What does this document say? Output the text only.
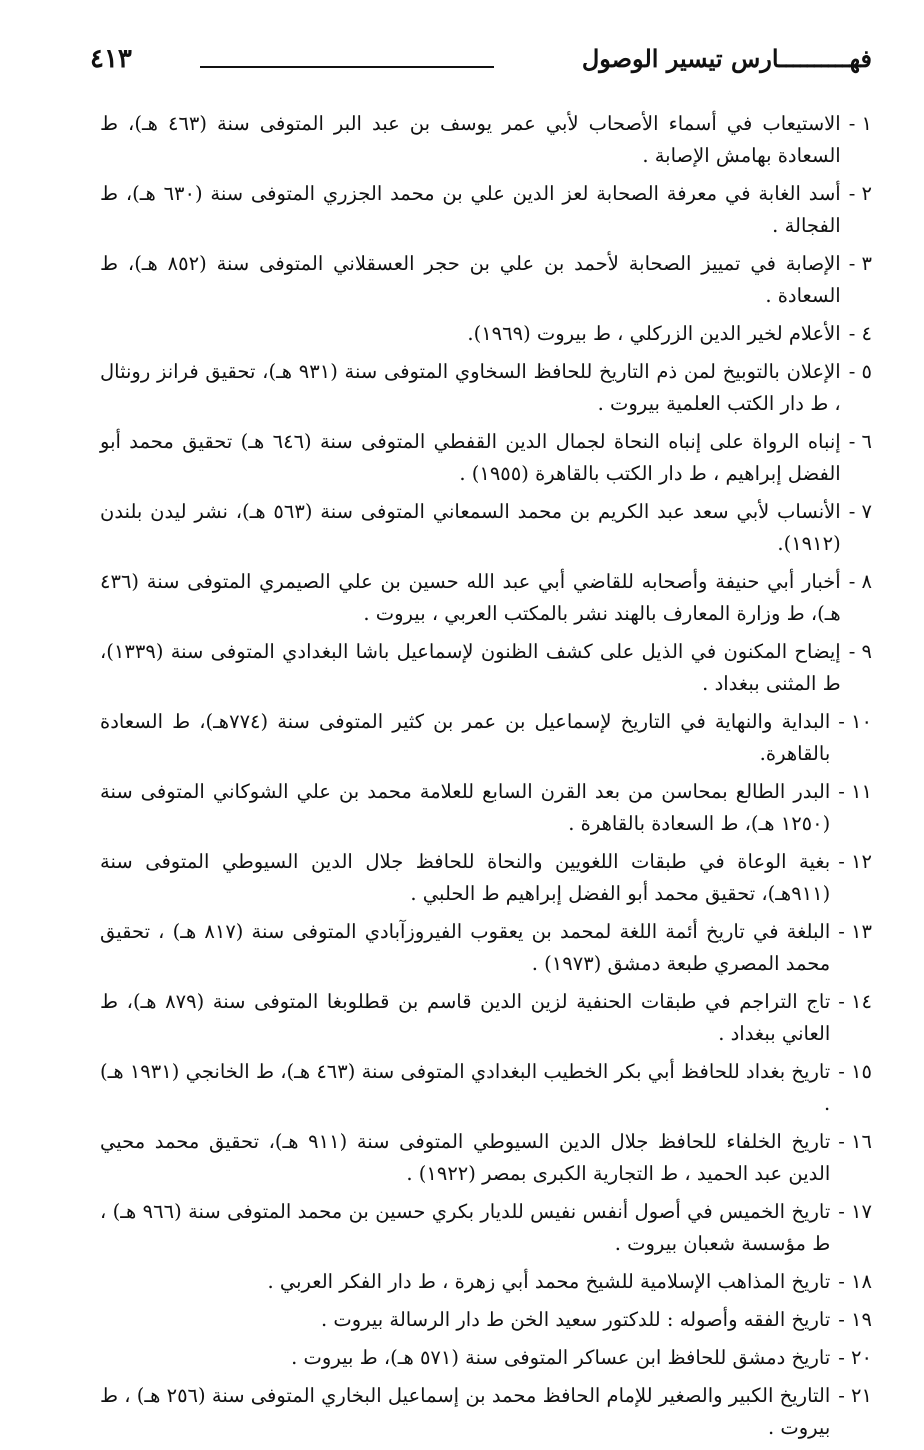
فهــــــــــارس تيسير الوصول
٤١٣
١ -
الاستيعاب في أسماء الأصحاب لأبي عمر يوسف بن عبد البر المتوفى سنة (٤٦٣ هـ)، ط السعادة بهامش الإصابة .
٢ -
أسد الغابة في معرفة الصحابة لعز الدين علي بن محمد الجزري المتوفى سنة (٦٣٠ هـ)، ط الفجالة .
٣ -
الإصابة في تمييز الصحابة لأحمد بن علي بن حجر العسقلاني المتوفى سنة (٨٥٢ هـ)، ط السعادة .
٤ -
الأعلام لخير الدين الزركلي ، ط بيروت (١٩٦٩).
٥ -
الإعلان بالتوبيخ لمن ذم التاريخ للحافظ السخاوي المتوفى سنة (٩٣١ هـ)، تحقيق فرانز رونثال ، ط دار الكتب العلمية بيروت .
٦ -
إنباه الرواة على إنباه النحاة لجمال الدين القفطي المتوفى سنة (٦٤٦ هـ) تحقيق محمد أبو الفضل إبراهيم ، ط دار الكتب بالقاهرة (١٩٥٥) .
٧ -
الأنساب لأبي سعد عبد الكريم بن محمد السمعاني المتوفى سنة (٥٦٣ هـ)، نشر ليدن بلندن (١٩١٢).
٨ -
أخبار أبي حنيفة وأصحابه للقاضي أبي عبد الله حسين بن علي الصيمري المتوفى سنة (٤٣٦ هـ)، ط وزارة المعارف بالهند نشر بالمكتب العربي ، بيروت .
٩ -
إيضاح المكنون في الذيل على كشف الظنون لإسماعيل باشا البغدادي المتوفى سنة (١٣٣٩)، ط المثنى ببغداد .
١٠ -
البداية والنهاية في التاريخ لإسماعيل بن عمر بن كثير المتوفى سنة (٧٧٤هـ)، ط السعادة بالقاهرة.
١١ -
البدر الطالع بمحاسن من بعد القرن السابع للعلامة محمد بن علي الشوكاني المتوفى سنة (١٢٥٠ هـ)، ط السعادة بالقاهرة .
١٢ -
بغية الوعاة في طبقات اللغويين والنحاة للحافظ جلال الدين السيوطي المتوفى سنة (٩١١هـ)، تحقيق محمد أبو الفضل إبراهيم ط الحلبي .
١٣ -
البلغة في تاريخ أئمة اللغة لمحمد بن يعقوب الفيروزآبادي المتوفى سنة (٨١٧ هـ) ، تحقيق محمد المصري طبعة دمشق (١٩٧٣) .
١٤ -
تاج التراجم في طبقات الحنفية لزين الدين قاسم بن قطلوبغا المتوفى سنة (٨٧٩ هـ)، ط العاني ببغداد .
١٥ -
تاريخ بغداد للحافظ أبي بكر الخطيب البغدادي المتوفى سنة (٤٦٣ هـ)، ط الخانجي (١٩٣١ هـ) .
١٦ -
تاريخ الخلفاء للحافظ جلال الدين السيوطي المتوفى سنة (٩١١ هـ)، تحقيق محمد محيي الدين عبد الحميد ، ط التجارية الكبرى بمصر (١٩٢٢) .
١٧ -
تاريخ الخميس في أصول أنفس نفيس للديار بكري حسين بن محمد المتوفى سنة (٩٦٦ هـ) ، ط مؤسسة شعبان بيروت .
١٨ -
تاريخ المذاهب الإسلامية للشيخ محمد أبي زهرة ، ط دار الفكر العربي .
١٩ -
تاريخ الفقه وأصوله : للدكتور سعيد الخن ط دار الرسالة بيروت .
٢٠ -
تاريخ دمشق للحافظ ابن عساكر المتوفى سنة (٥٧١ هـ)، ط بيروت .
٢١ -
التاريخ الكبير والصغير للإمام الحافظ محمد بن إسماعيل البخاري المتوفى سنة (٢٥٦ هـ) ، ط بيروت .
